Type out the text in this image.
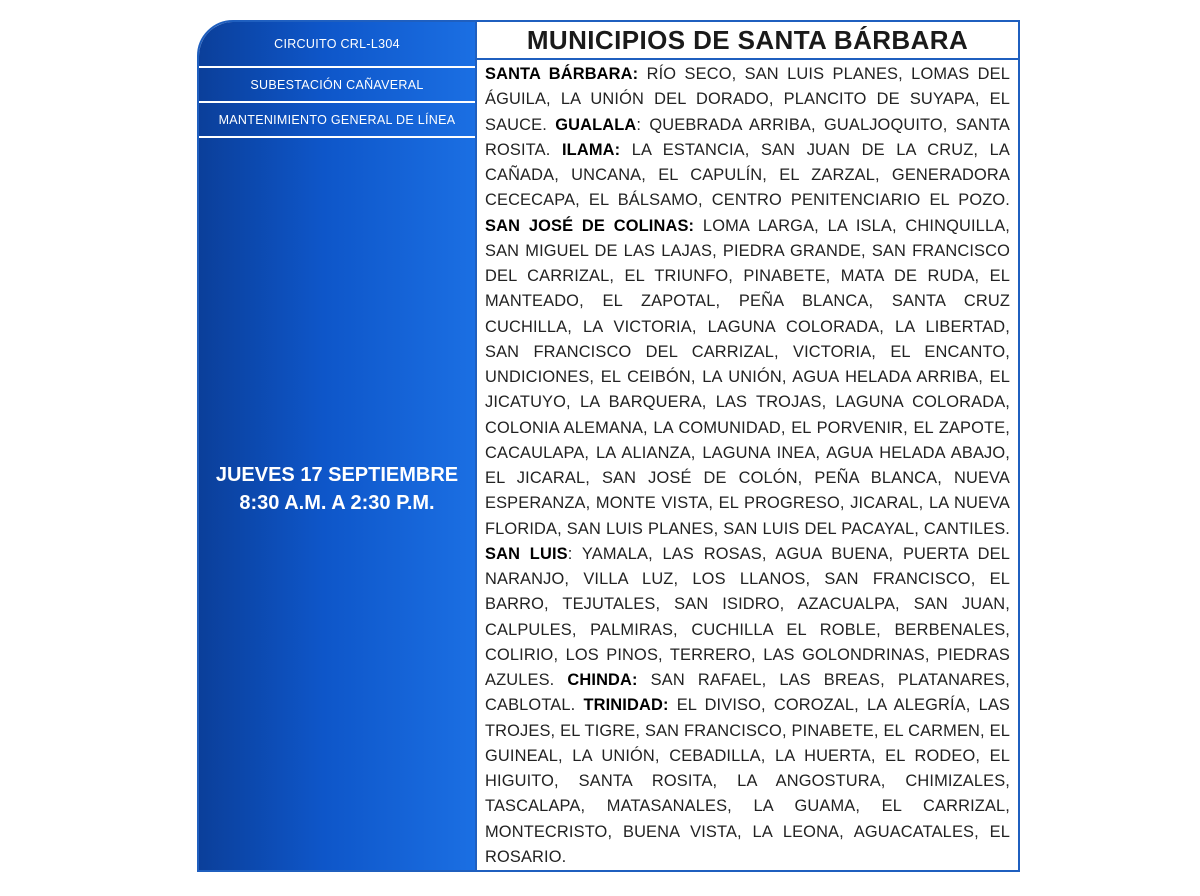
CIRCUITO CRL-L304
SUBESTACIÓN CAÑAVERAL
MANTENIMIENTO GENERAL DE LÍNEA
JUEVES 17 SEPTIEMBRE
8:30 A.M. A 2:30 P.M.
MUNICIPIOS DE SANTA BÁRBARA
SANTA BÁRBARA: RÍO SECO, SAN LUIS PLANES, LOMAS DEL ÁGUILA, LA UNIÓN DEL DORADO, PLANCITO DE SUYAPA, EL SAUCE. GUALALA: QUEBRADA ARRIBA, GUALJOQUITO, SANTA ROSITA. ILAMA: LA ESTANCIA, SAN JUAN DE LA CRUZ, LA CAÑADA, UNCANA, EL CAPULÍN, EL ZARZAL, GENERADORA CECECAPA, EL BÁLSAMO, CENTRO PENITENCIARIO EL POZO. SAN JOSÉ DE COLINAS: LOMA LARGA, LA ISLA, CHINQUILLA, SAN MIGUEL DE LAS LAJAS, PIEDRA GRANDE, SAN FRANCISCO DEL CARRIZAL, EL TRIUNFO, PINABETE, MATA DE RUDA, EL MANTEADO, EL ZAPOTAL, PEÑA BLANCA, SANTA CRUZ CUCHILLA, LA VICTORIA, LAGUNA COLORADA, LA LIBERTAD, SAN FRANCISCO DEL CARRIZAL, VICTORIA, EL ENCANTO, UNDICIONES, EL CEIBÓN, LA UNIÓN, AGUA HELADA ARRIBA, EL JICATUYO, LA BARQUERA, LAS TROJAS, LAGUNA COLORADA, COLONIA ALEMANA, LA COMUNIDAD, EL PORVENIR, EL ZAPOTE, CACAULAPA, LA ALIANZA, LAGUNA INEA, AGUA HELADA ABAJO, EL JICARAL, SAN JOSÉ DE COLÓN, PEÑA BLANCA, NUEVA ESPERANZA, MONTE VISTA, EL PROGRESO, JICARAL, LA NUEVA FLORIDA, SAN LUIS PLANES, SAN LUIS DEL PACAYAL, CANTILES. SAN LUIS: YAMALA, LAS ROSAS, AGUA BUENA, PUERTA DEL NARANJO, VILLA LUZ, LOS LLANOS, SAN FRANCISCO, EL BARRO, TEJUTALES, SAN ISIDRO, AZACUALPA, SAN JUAN, CALPULES, PALMIRAS, CUCHILLA EL ROBLE, BERBENALES, COLIRIO, LOS PINOS, TERRERO, LAS GOLONDRINAS, PIEDRAS AZULES. CHINDA: SAN RAFAEL, LAS BREAS, PLATANARES, CABLOTAL. TRINIDAD: EL DIVISO, COROZAL, LA ALEGRÍA, LAS TROJES, EL TIGRE, SAN FRANCISCO, PINABETE, EL CARMEN, EL GUINEAL, LA UNIÓN, CEBADILLA, LA HUERTA, EL RODEO, EL HIGUITO, SANTA ROSITA, LA ANGOSTURA, CHIMIZALES, TASCALAPA, MATASANALES, LA GUAMA, EL CARRIZAL, MONTECRISTO, BUENA VISTA, LA LEONA, AGUACATALES, EL ROSARIO.
